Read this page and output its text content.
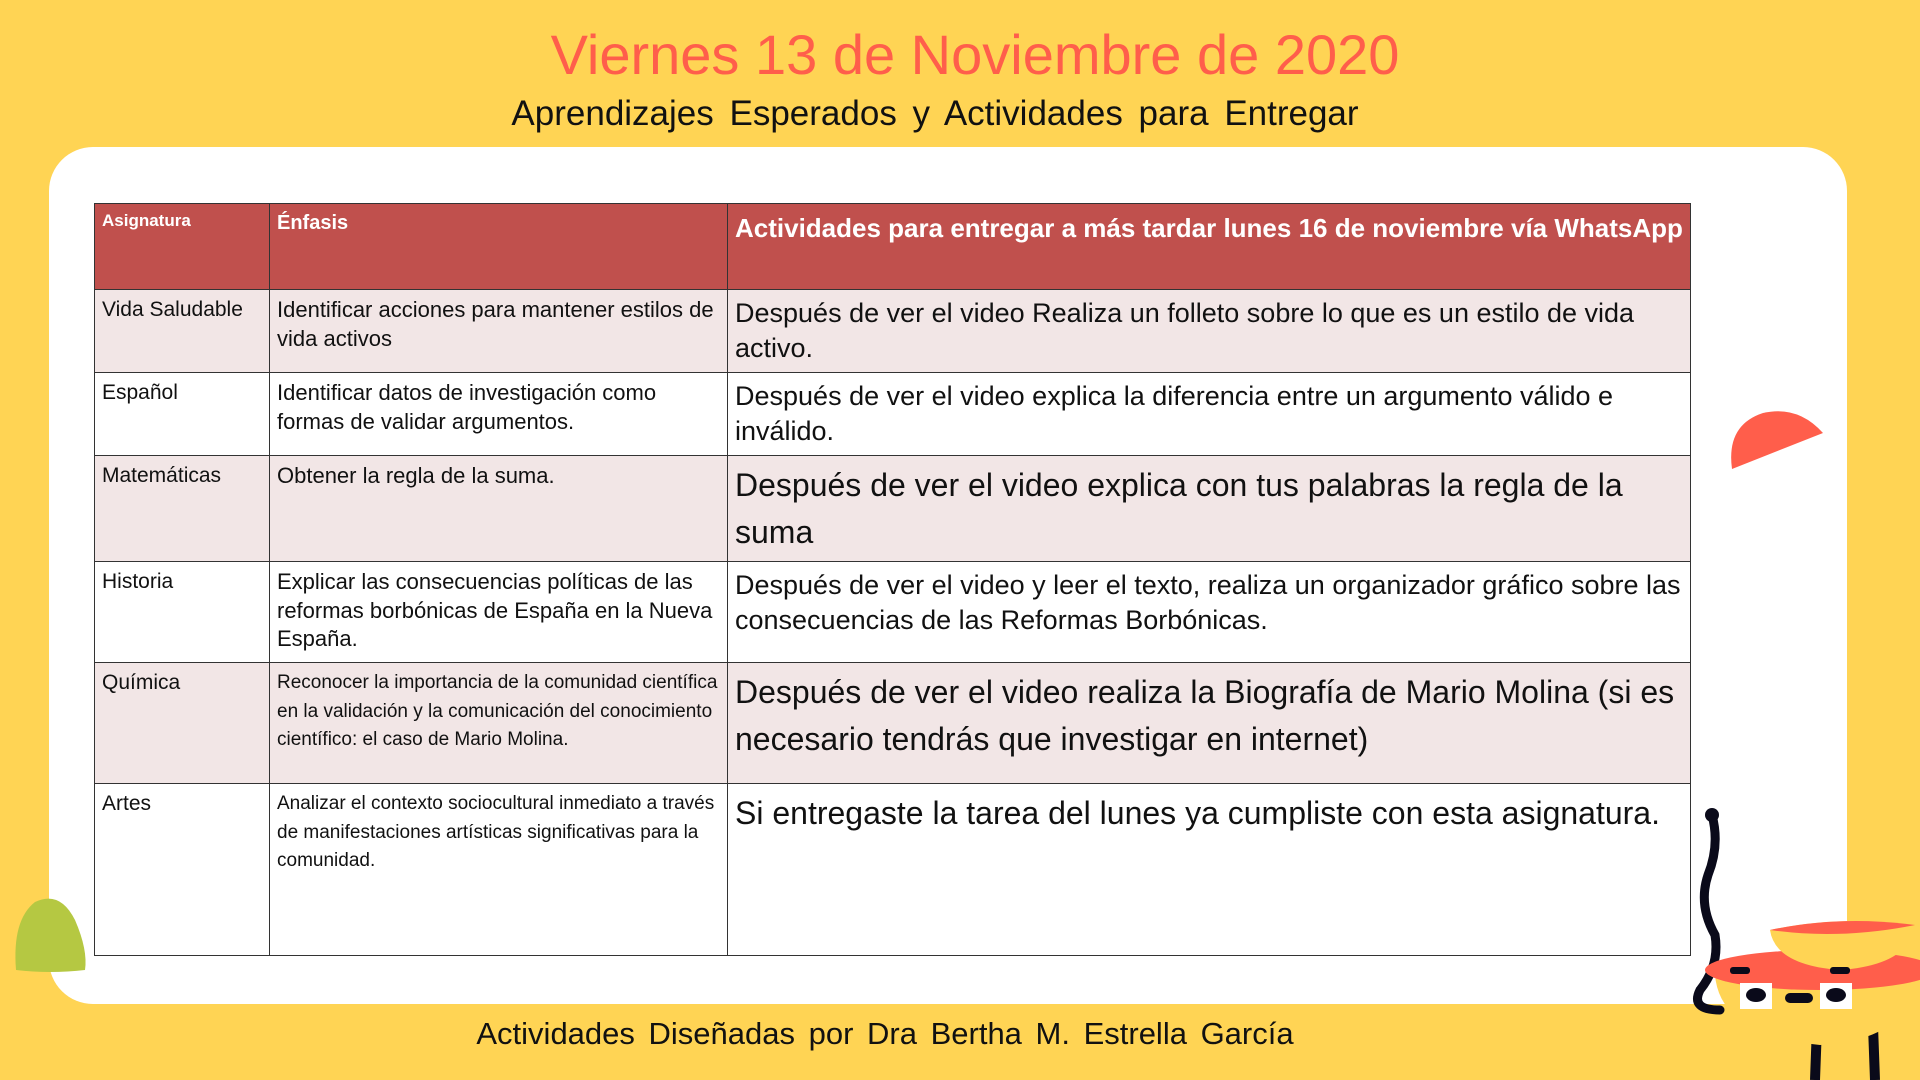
Viernes 13 de Noviembre de 2020
Aprendizajes Esperados y Actividades para Entregar
Asignatura	Énfasis	Actividades para entregar a más tardar lunes 16 de noviembre vía WhatsApp
Vida Saludable	Identificar acciones para mantener estilos de vida activos	Después de ver el video Realiza un folleto sobre lo que es un estilo de vida activo.
Español	Identificar datos de investigación como formas de validar argumentos.	Después de ver el video explica la diferencia entre un argumento válido e inválido.
Matemáticas	Obtener la regla de la suma.	Después de ver el video explica con tus palabras la regla de la suma
Historia	Explicar las consecuencias políticas de las reformas borbónicas de España en la Nueva España.	Después de ver el video y leer el texto, realiza un organizador gráfico sobre las consecuencias de las Reformas Borbónicas.
Química	Reconocer la importancia de la comunidad científica en la validación y la comunicación del conocimiento científico: el caso de Mario Molina.	Después de ver el video realiza la Biografía de Mario Molina (si es necesario tendrás que investigar en internet)
Artes	Analizar el contexto sociocultural inmediato a través de manifestaciones artísticas significativas para la comunidad.	Si entregaste la tarea del lunes ya cumpliste con esta asignatura.
Actividades Diseñadas por Dra Bertha M. Estrella García
